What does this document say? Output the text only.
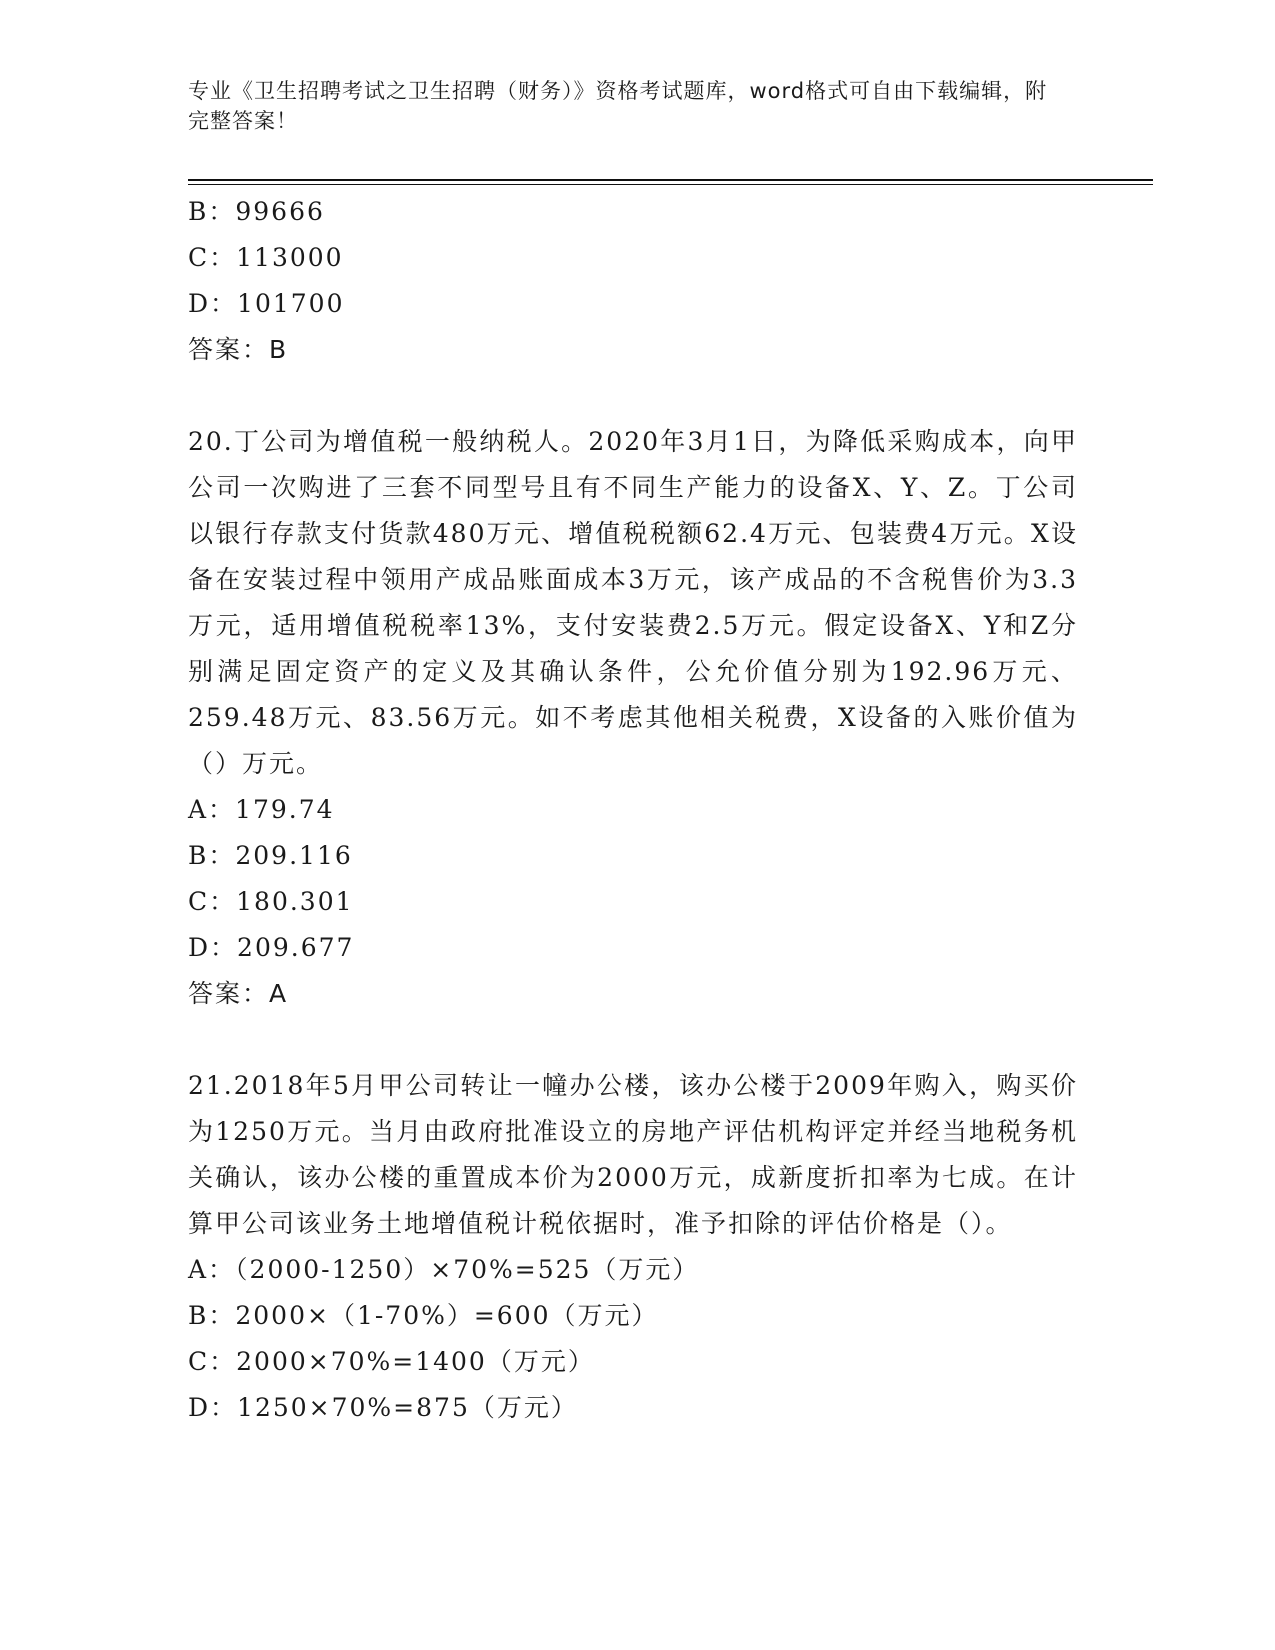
专业《卫生招聘考试之卫生招聘（财务）》资格考试题库，word格式可自由下载编辑，附完整答案！
B：99666
C：113000
D：101700
答案：B
20.丁公司为增值税一般纳税人。2020年3月1日，为降低采购成本，向甲公司一次购进了三套不同型号且有不同生产能力的设备X、Y、Z。丁公司以银行存款支付货款480万元、增值税税额62.4万元、包装费4万元。X设备在安装过程中领用产成品账面成本3万元，该产成品的不含税售价为3.3万元，适用增值税税率13%，支付安装费2.5万元。假定设备X、Y和Z分别满足固定资产的定义及其确认条件，公允价值分别为192.96万元、259.48万元、83.56万元。如不考虑其他相关税费，X设备的入账价值为（）万元。
A：179.74
B：209.116
C：180.301
D：209.677
答案：A
21.2018年5月甲公司转让一幢办公楼，该办公楼于2009年购入，购买价为1250万元。当月由政府批准设立的房地产评估机构评定并经当地税务机关确认，该办公楼的重置成本价为2000万元，成新度折扣率为七成。在计算甲公司该业务土地增值税计税依据时，准予扣除的评估价格是（）。
A：（2000-1250）×70%=525（万元）
B：2000×（1-70%）=600（万元）
C：2000×70%=1400（万元）
D：1250×70%=875（万元）
